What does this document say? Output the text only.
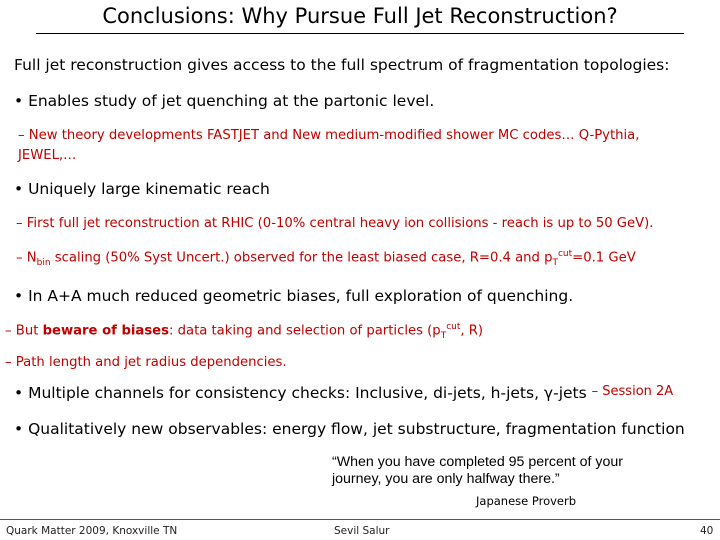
Conclusions: Why Pursue Full Jet Reconstruction?
Full jet reconstruction gives access to the full spectrum of fragmentation topologies:
• Enables study of jet quenching at the partonic level.
– New theory developments FASTJET and New medium-modified shower MC codes… Q-Pythia,
JEWEL,…
• Uniquely large kinematic reach
– First full jet reconstruction at RHIC (0-10% central heavy ion collisions - reach is up to 50 GeV).
– $N_{bin}$ scaling (50% Syst Uncert.) observed for the least biased case, R=0.4 and $p_T^{cut}=0.1$ GeV
• In A+A much reduced geometric biases, full exploration of quenching.
– But beware of biases: data taking and selection of particles ($p_T^{cut}$, R)
– Path length and jet radius dependencies.
• Multiple channels for consistency checks: Inclusive, di-jets, h-jets, γ-jets – Session 2A
• Qualitatively new observables: energy flow, jet substructure, fragmentation function
“When you have completed 95 percent of your journey, you are only halfway there.”
Japanese Proverb
Quark Matter 2009, Knoxville TN	Sevil Salur	40
